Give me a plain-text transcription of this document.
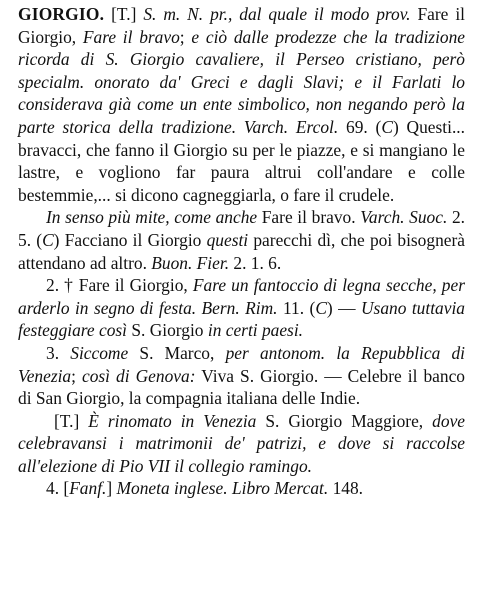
GIORGIO. [T.] S. m. N. pr., dal quale il modo prov. Fare il Giorgio, Fare il bravo; e ciò dalle prodezze che la tradizione ricorda di S. Giorgio cavaliere, il Perseo cristiano, però specialm. onorato da' Greci e dagli Slavi; e il Farlati lo considerava già come un ente simbolico, non negando però la parte storica della tradizione. Varch. Ercol. 69. (C) Questi... bravacci, che fanno il Giorgio su per le piazze, e si mangiano le lastre, e vogliono far paura altrui coll'andare e colle bestemmie,... si dicono cagneggiarla, o fare il crudele.

In senso più mite, come anche Fare il bravo. Varch. Suoc. 2. 5. (C) Facciano il Giorgio questi parecchi dì, che poi bisognerà attendano ad altro. Buon. Fier. 2. 1. 6.

2. † Fare il Giorgio, Fare un fantoccio di legna secche, per arderlo in segno di festa. Bern. Rim. 11. (C) — Usano tuttavia festeggiare così S. Giorgio in certi paesi.

3. Siccome S. Marco, per antonom. la Repubblica di Venezia; così di Genova: Viva S. Giorgio. — Celebre il banco di San Giorgio, la compagnia italiana delle Indie.

[T.] È rinomato in Venezia S. Giorgio Maggiore, dove celebravansi i matrimonii de' patrizi, e dove si raccolse all'elezione di Pio VII il collegio ramingo.

4. [Fanf.] Moneta inglese. Libro Mercat. 148.
